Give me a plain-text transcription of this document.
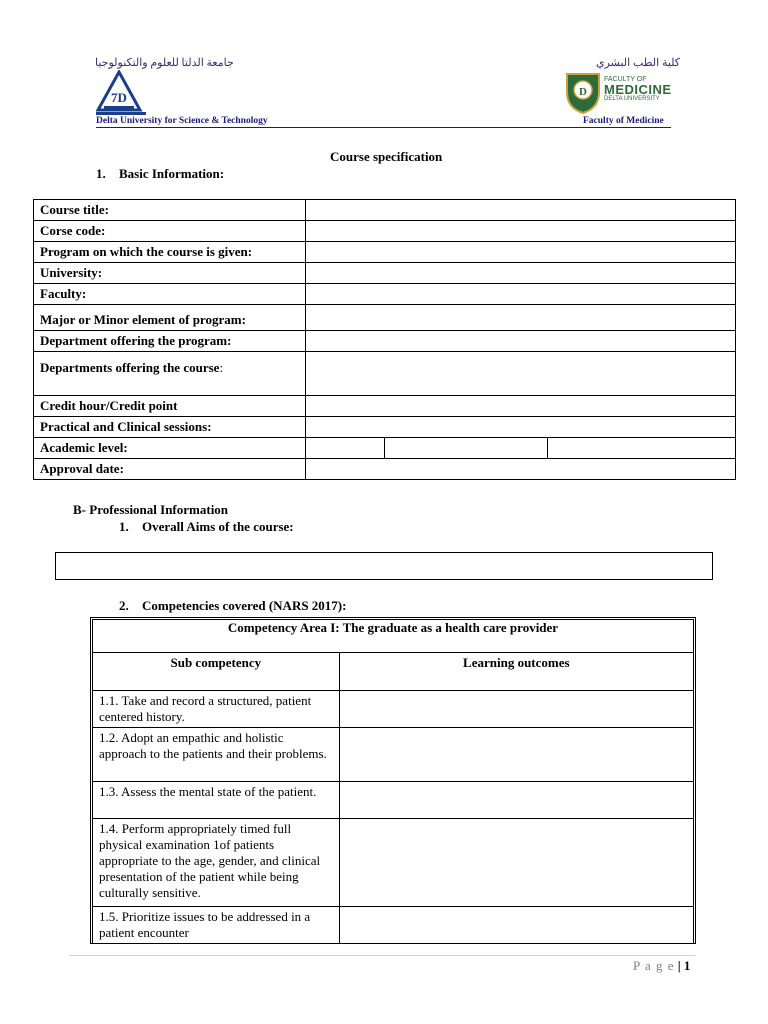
جامعة الدلتا للعلوم والتكنولوجيا
7D
كلية الطب البشري
D
FACULTY OF
MEDICINE
DELTA UNIVERSITY
Delta University for Science & Technology	Faculty of Medicine
Course specification
1. Basic Information:
Course title:			
Corse code:			
Program on which the course is given:			
University:			
Faculty:			
Major or Minor element of program:			
Department offering the program:			
Departments offering the course:			
Credit hour/Credit point			
Practical and Clinical sessions:			
Academic level:			
Approval date:			
B- Professional Information
1. Overall Aims of the course:
2. Competencies covered (NARS 2017):
Competency Area I: The graduate as a health care provider	
Sub competency	Learning outcomes
1.1. Take and record a structured, patient centered history.	
1.2. Adopt an empathic and holistic approach to the patients and their problems.	
1.3. Assess the mental state of the patient.	
1.4. Perform appropriately timed full physical examination 1of patients appropriate to the age, gender, and clinical presentation of the patient while being culturally sensitive.	
1.5. Prioritize issues to be addressed in a patient encounter	
P a g e | 1
